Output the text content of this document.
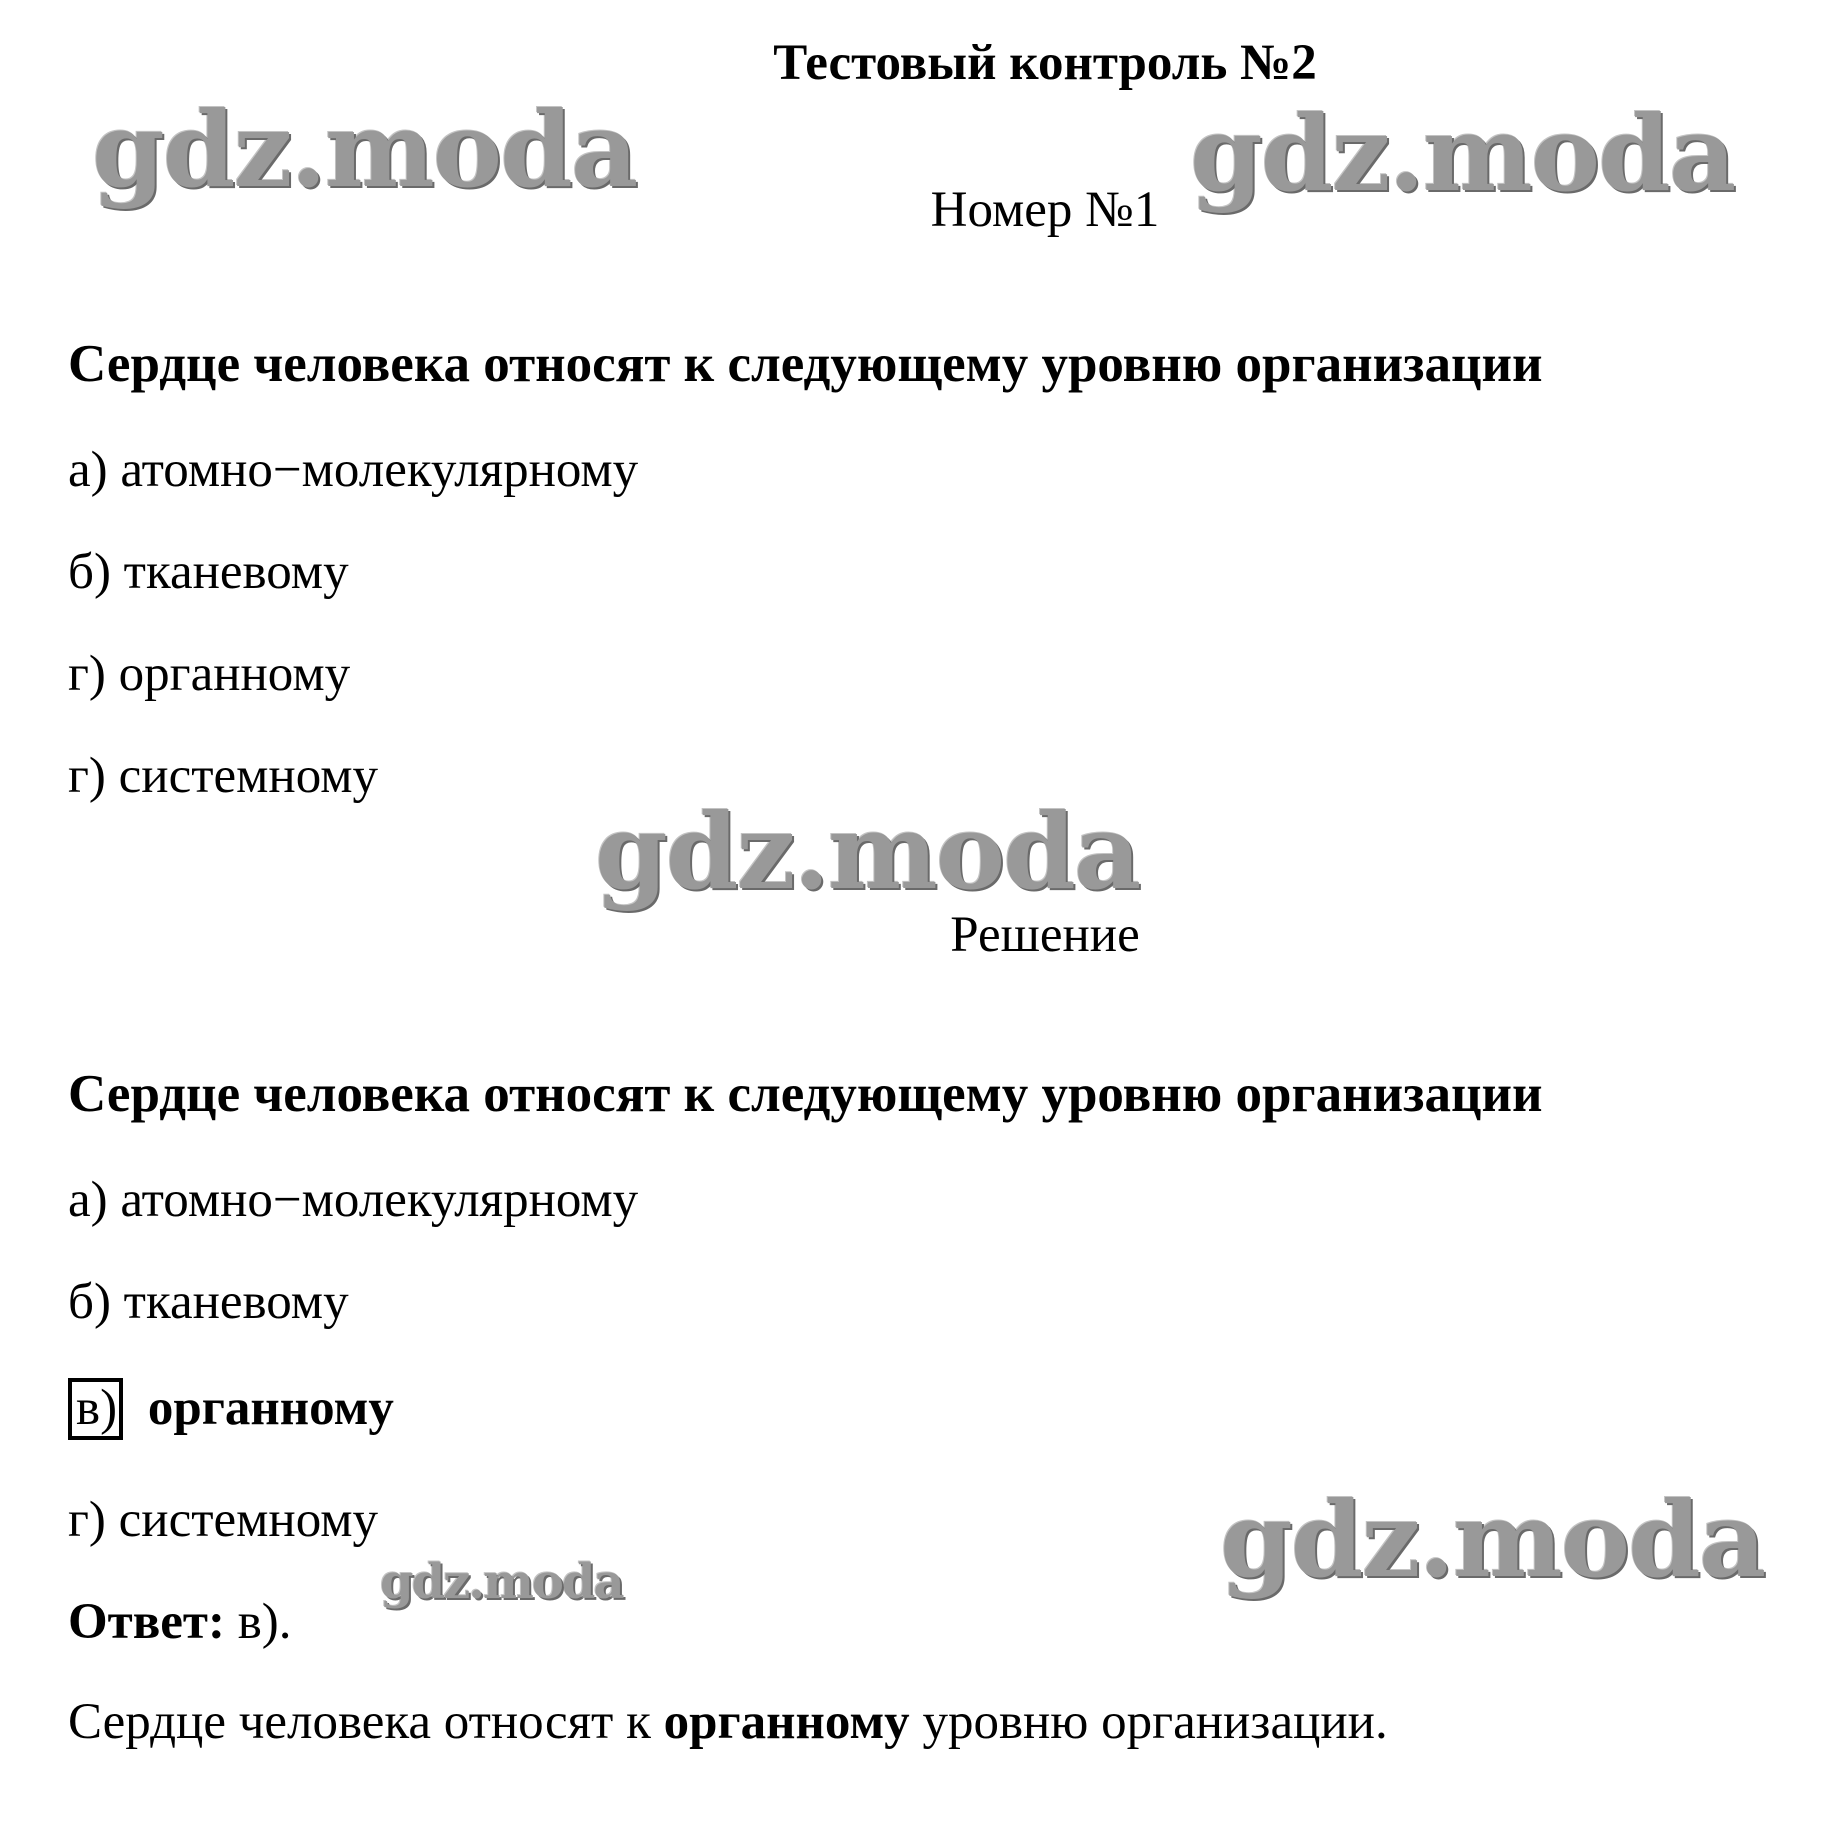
Тестовый контроль №2
Номер №1
Сердце человека относят к следующему уровню организации
а) атомно−молекулярному
б) тканевому
г) органному
г) системному
Решение
Сердце человека относят к следующему уровню организации
а) атомно−молекулярному
б) тканевому
в) органному
г) системному
Ответ: в).
Сердце человека относят к органному уровню организации.
gdz.moda	gdz.moda
gdz.moda
gdz.moda
gdz.moda
